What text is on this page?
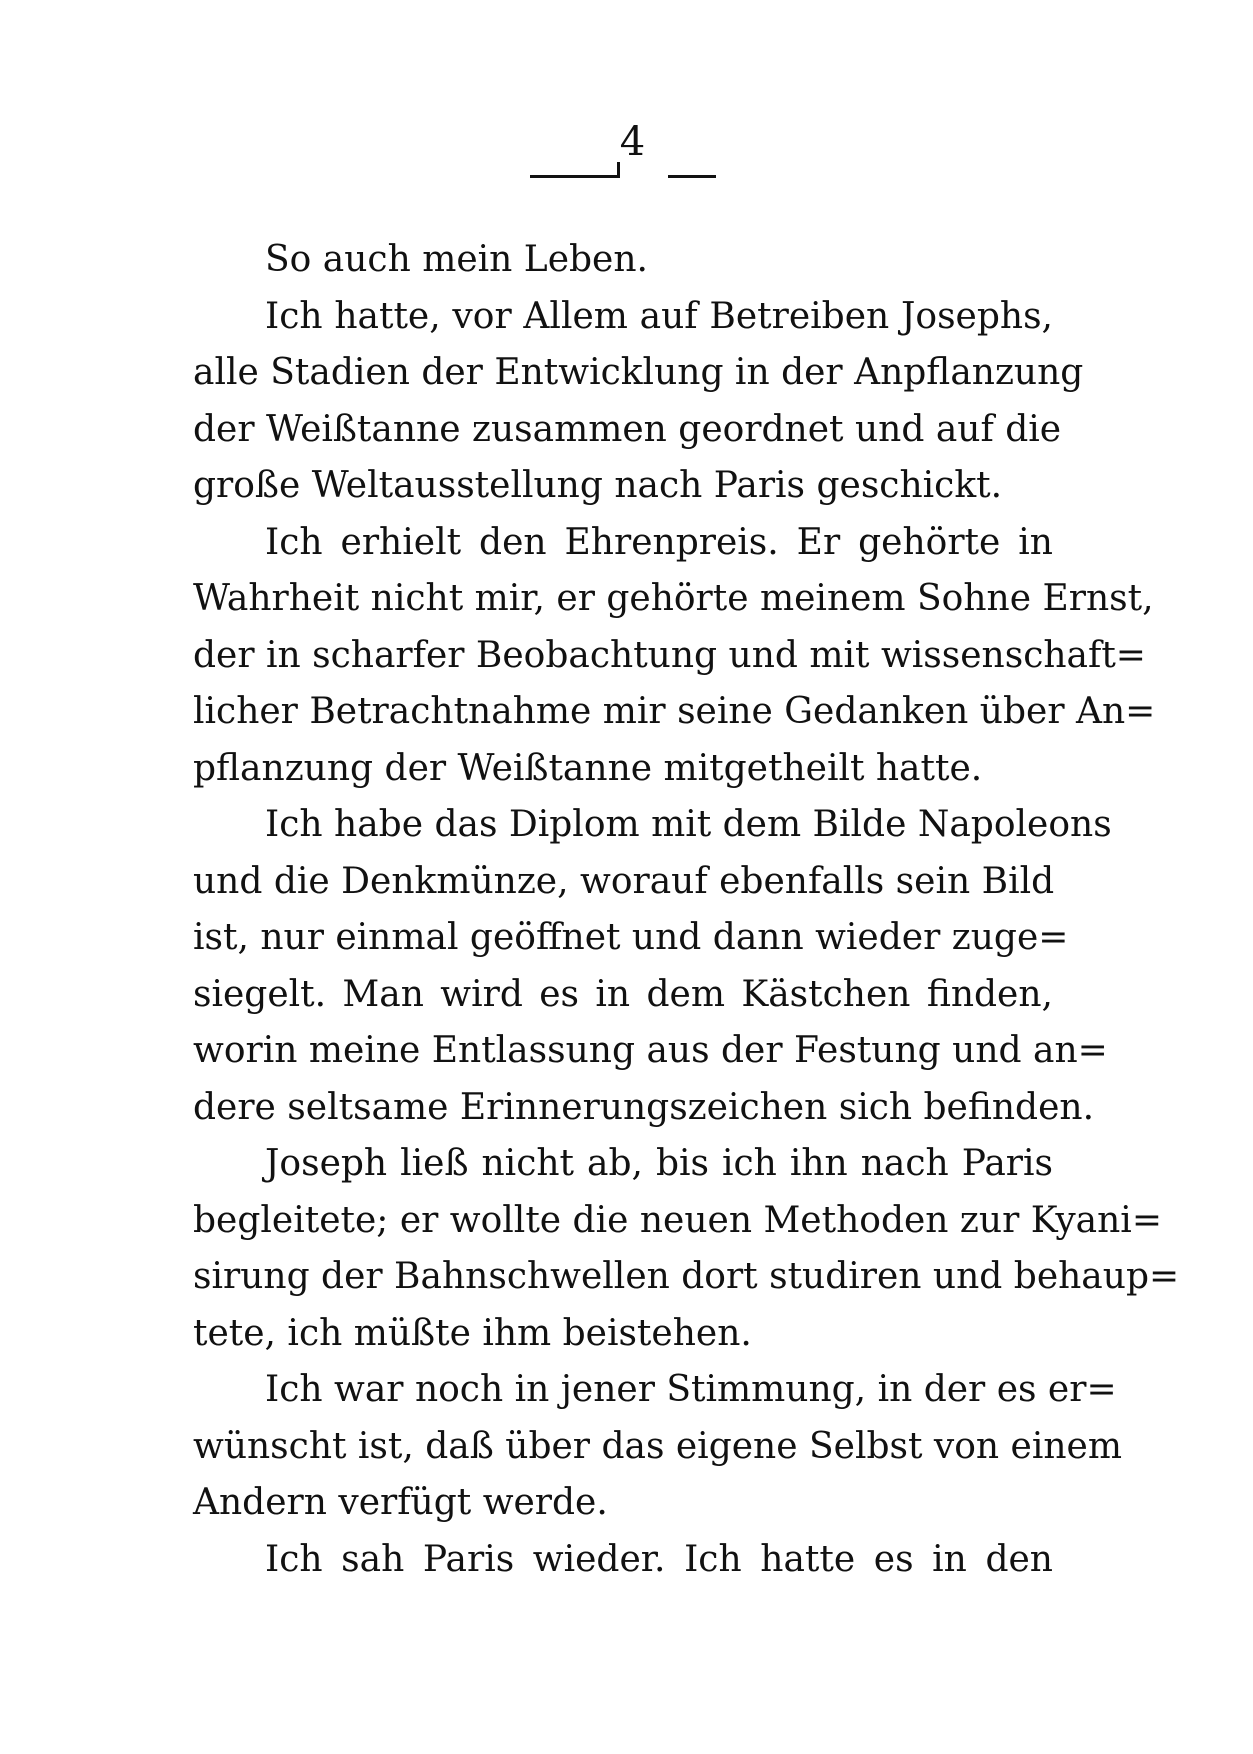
4
So auch mein Leben.
Ich hatte, vor Allem auf Betreiben Josephs,
alle Stadien der Entwicklung in der Anpflanzung
der Weißtanne zusammen geordnet und auf die
große Weltausstellung nach Paris geschickt.
Ich erhielt den Ehrenpreis. Er gehörte in
Wahrheit nicht mir, er gehörte meinem Sohne Ernst,
der in scharfer Beobachtung und mit wissenschaft=
licher Betrachtnahme mir seine Gedanken über An=
pflanzung der Weißtanne mitgetheilt hatte.
Ich habe das Diplom mit dem Bilde Napoleons
und die Denkmünze, worauf ebenfalls sein Bild
ist, nur einmal geöffnet und dann wieder zuge=
siegelt. Man wird es in dem Kästchen finden,
worin meine Entlassung aus der Festung und an=
dere seltsame Erinnerungszeichen sich befinden.
Joseph ließ nicht ab, bis ich ihn nach Paris
begleitete; er wollte die neuen Methoden zur Kyani=
sirung der Bahnschwellen dort studiren und behaup=
tete, ich müßte ihm beistehen.
Ich war noch in jener Stimmung, in der es er=
wünscht ist, daß über das eigene Selbst von einem
Andern verfügt werde.
Ich sah Paris wieder. Ich hatte es in den
